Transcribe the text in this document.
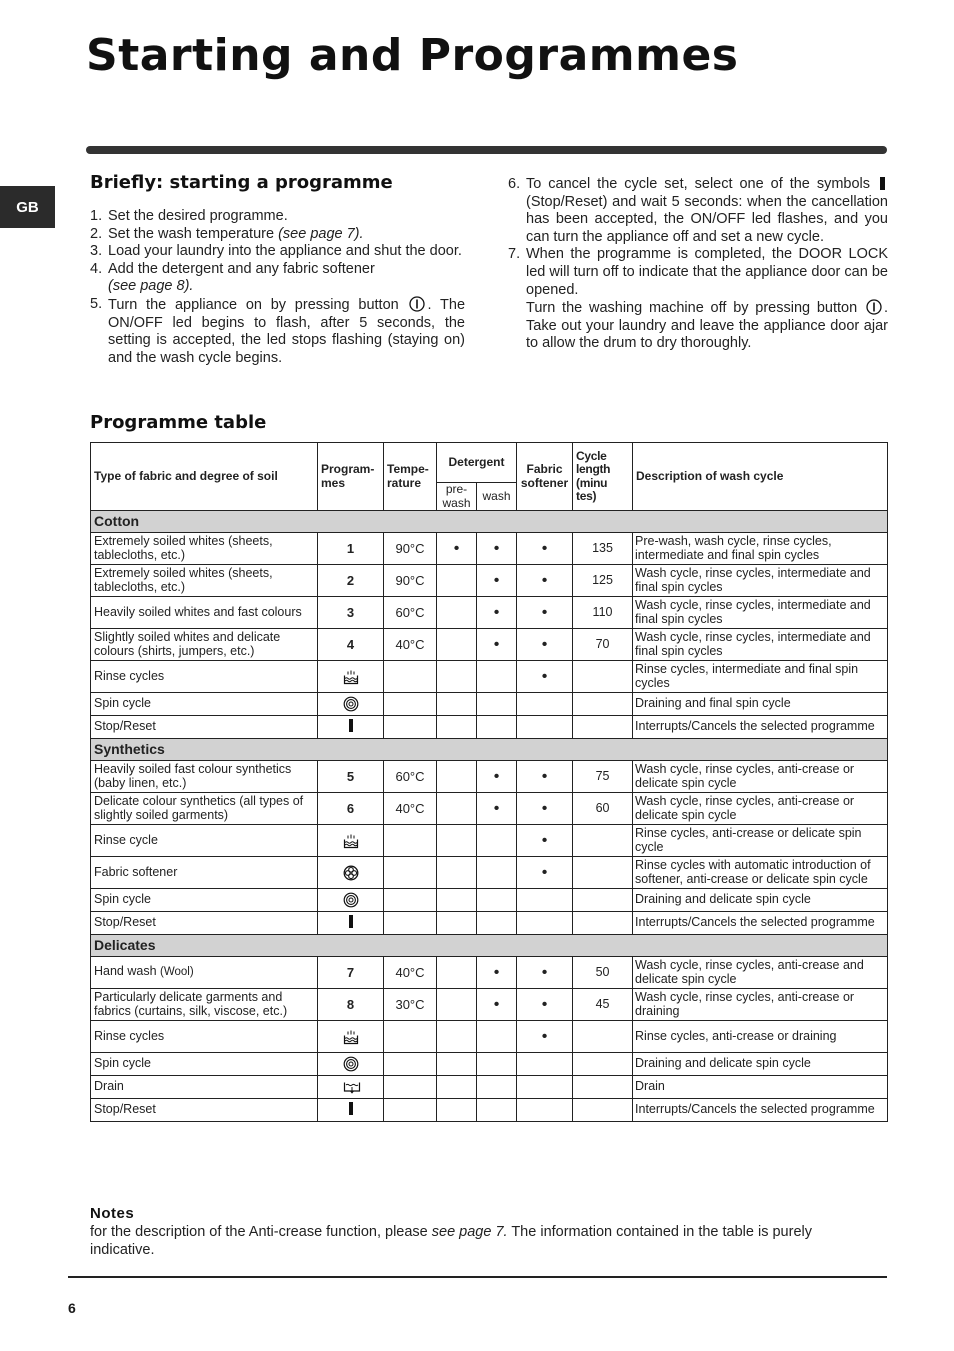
Starting and Programmes
GB
Briefly: starting a programme
1. Set the desired programme.
2. Set the wash temperature (see page 7).
3. Load your laundry into the appliance and shut the door.
4. Add the detergent and any fabric softener
(see page 8).
5. Turn the appliance on by pressing button . The ON/OFF led begins to flash, after 5 seconds, the setting is accepted, the led stops flashing (staying on) and the wash cycle begins.
6. To cancel the cycle set, select one of the symbols (Stop/Reset) and wait 5 seconds: when the cancellation has been accepted, the ON/OFF led flashes, and you can turn the appliance off and set a new cycle.
7. When the programme is completed, the DOOR LOCK led will turn off to indicate that the appliance door can be opened.
Turn the washing machine off by pressing button . Take out your laundry and leave the appliance door ajar to allow the drum to dry thoroughly.
Programme table
Type of fabric and degree of soil	Program-mes	Tempe-rature	Detergent		Fabric softener	Cycle length (minu tes)	Description of wash cycle
			pre-wash	wash			
Cotton							
Extremely soiled whites (sheets, tablecloths, etc.)	1	90°C	•	•	•	135	Pre-wash, wash cycle, rinse cycles, intermediate and final spin cycles
Extremely soiled whites (sheets, tablecloths, etc.)	2	90°C		•	•	125	Wash cycle, rinse cycles, intermediate and final spin cycles
Heavily soiled whites and fast colours	3	60°C		•	•	110	Wash cycle, rinse cycles, intermediate and final spin cycles
Slightly soiled whites and delicate colours (shirts, jumpers, etc.)	4	40°C		•	•	70	Wash cycle, rinse cycles, intermediate and final spin cycles
Rinse cycles					•		Rinse cycles, intermediate and final spin cycles
Spin cycle							Draining and final spin cycle
Stop/Reset							Interrupts/Cancels the selected programme
Synthetics							
Heavily soiled fast colour synthetics (baby linen, etc.)	5	60°C		•	•	75	Wash cycle, rinse cycles, anti-crease or delicate spin cycle
Delicate colour synthetics (all types of slightly soiled garments)	6	40°C		•	•	60	Wash cycle, rinse cycles, anti-crease or delicate spin cycle
Rinse cycle					•		Rinse cycles, anti-crease or delicate spin cycle
Fabric softener					•		Rinse cycles with automatic introduction of softener, anti-crease or delicate spin cycle
Spin cycle							Draining and delicate spin cycle
Stop/Reset							Interrupts/Cancels the selected programme
Delicates							
Hand wash (Wool)	7	40°C		•	•	50	Wash cycle, rinse cycles, anti-crease and delicate spin cycle
Particularly delicate garments and fabrics (curtains, silk, viscose, etc.)	8	30°C		•	•	45	Wash cycle, rinse cycles, anti-crease or draining
Rinse cycles					•		Rinse cycles, anti-crease or draining
Spin cycle							Draining and delicate spin cycle
Drain							Drain
Stop/Reset							Interrupts/Cancels the selected programme
Notes
for the description of the Anti-crease function, please see page 7. The information contained in the table is purely indicative.
6
